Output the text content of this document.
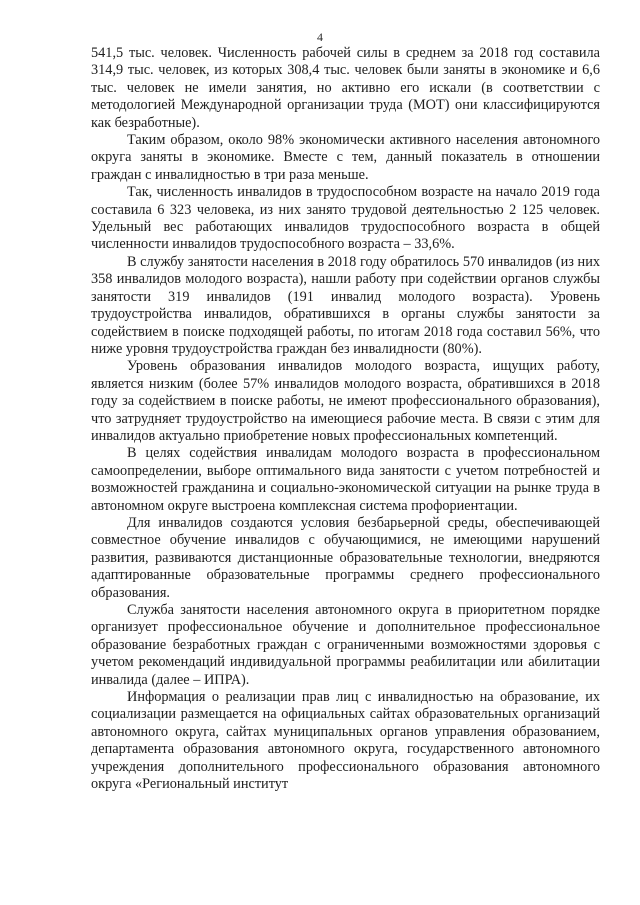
4

541,5 тыс. человек. Численность рабочей силы в среднем за 2018 год составила 314,9 тыс. человек, из которых 308,4 тыс. человек были заняты в экономике и 6,6 тыс. человек не имели занятия, но активно его искали (в соответствии с методологией Международной организации труда (МОТ) они классифицируются как безработные).

Таким образом, около 98% экономически активного населения автономного округа заняты в экономике. Вместе с тем, данный показатель в отношении граждан с инвалидностью в три раза меньше.

Так, численность инвалидов в трудоспособном возрасте на начало 2019 года составила 6 323 человека, из них занято трудовой деятельностью 2 125 человек. Удельный вес работающих инвалидов трудоспособного возраста в общей численности инвалидов трудоспособного возраста – 33,6%.

В службу занятости населения в 2018 году обратилось 570 инвалидов (из них 358 инвалидов молодого возраста), нашли работу при содействии органов службы занятости 319 инвалидов (191 инвалид молодого возраста). Уровень трудоустройства инвалидов, обратившихся в органы службы занятости за содействием в поиске подходящей работы, по итогам 2018 года составил 56%, что ниже уровня трудоустройства граждан без инвалидности (80%).

Уровень образования инвалидов молодого возраста, ищущих работу, является низким (более 57% инвалидов молодого возраста, обратившихся в 2018 году за содействием в поиске работы, не имеют профессионального образования), что затрудняет трудоустройство на имеющиеся рабочие места. В связи с этим для инвалидов актуально приобретение новых профессиональных компетенций.

В целях содействия инвалидам молодого возраста в профессиональном самоопределении, выборе оптимального вида занятости с учетом потребностей и возможностей гражданина и социально-экономической ситуации на рынке труда в автономном округе выстроена комплексная система профориентации.

Для инвалидов создаются условия безбарьерной среды, обеспечивающей совместное обучение инвалидов с обучающимися, не имеющими нарушений развития, развиваются дистанционные образовательные технологии, внедряются адаптированные образовательные программы среднего профессионального образования.

Служба занятости населения автономного округа в приоритетном порядке организует профессиональное обучение и дополнительное профессиональное образование безработных граждан с ограниченными возможностями здоровья с учетом рекомендаций индивидуальной программы реабилитации или абилитации инвалида (далее – ИПРА).

Информация о реализации прав лиц с инвалидностью на образование, их социализации размещается на официальных сайтах образовательных организаций автономного округа, сайтах муниципальных органов управления образованием, департамента образования автономного округа, государственного автономного учреждения дополнительного профессионального образования автономного округа «Региональный институт
